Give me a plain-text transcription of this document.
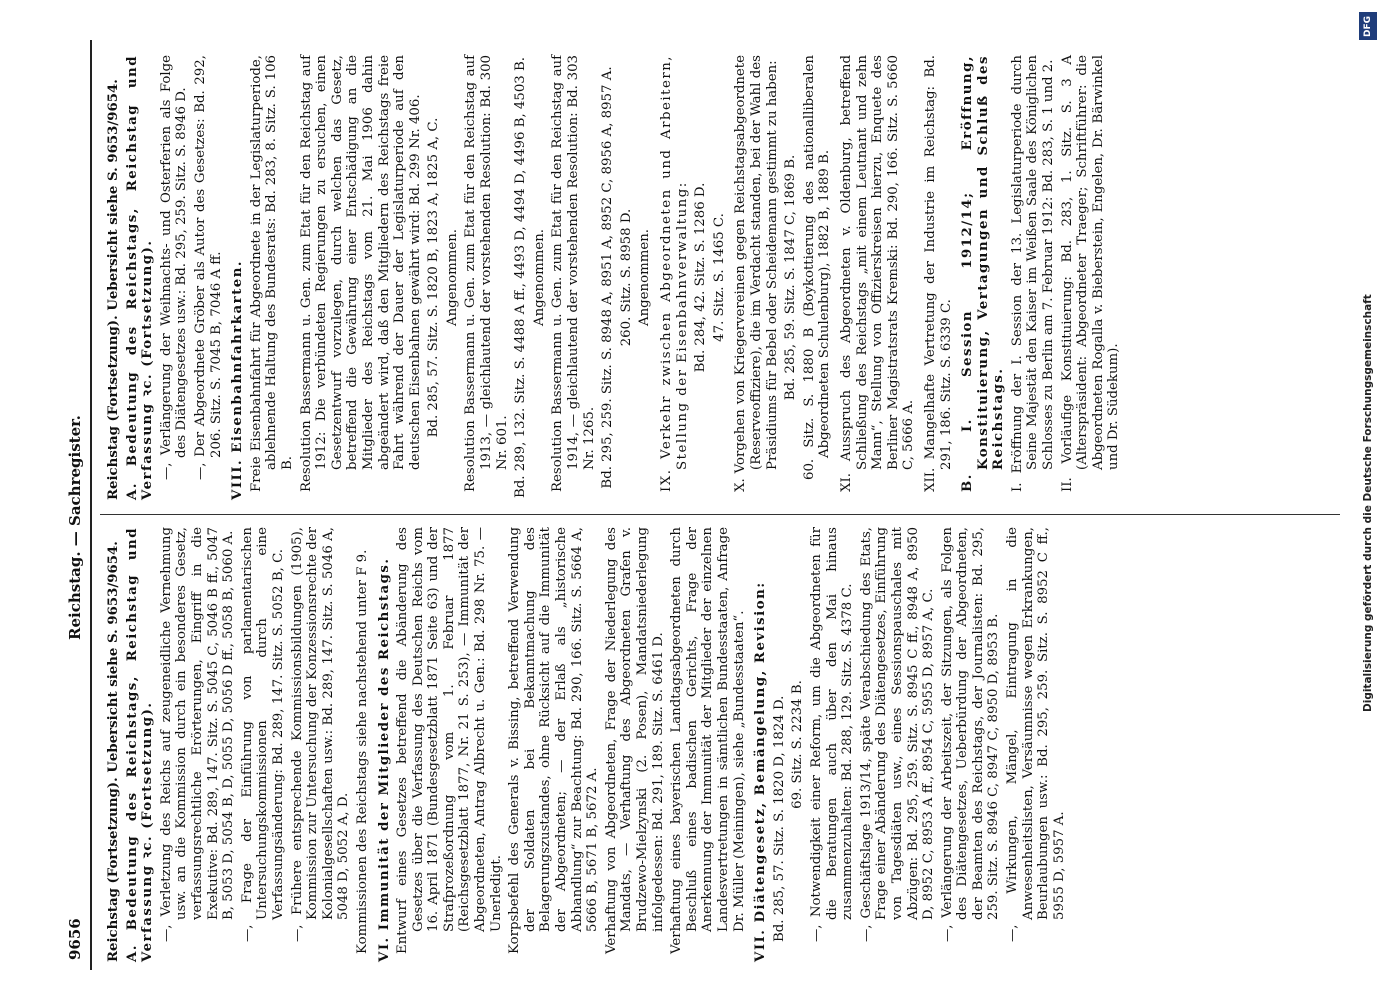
9656
Reichstag. — Sachregister.

Reichstag (Fortsetzung). Uebersicht siehe S. 9653/9654. A. Bedeutung des Reichstags, Reichstag und Verfassung ꝛc. (Fortsetzung). —, Verletzung des Reichs auf zeugeneidliche Vernehmung usw. an die Kommission durch ein besonderes Gesetz, verfassungsrechtliche Erörterungen, Eingriff in die Exekutive: Bd. 289, 147. Sitz. S. 5045 C, 5046 B ff., 5047 B, 5053 D, 5054 B, D, 5055 D, 5056 D ff., 5058 B, 5060 A. —, Frage der Einführung von parlamentarischen Untersuchungskommissionen durch eine Verfassungsänderung: Bd. 289, 147. Sitz. S. 5052 B, C. —, Frühere entsprechende Kommissionsbildungen (1905), Kommission zur Untersuchung der Konzessionsrechte der Kolonialgesellschaften usw.: Bd. 289, 147. Sitz. S. 5046 A, 5048 D, 5052 A, D. Kommissionen des Reichstags siehe nachstehend unter F 9. VI. Immunität der Mitglieder des Reichstags. Entwurf eines Gesetzes betreffend die Abänderung des Gesetzes über die Verfassung des Deutschen Reichs vom 16. April 1871 (Bundesgesetzblatt 1871 Seite 63) und der Strafprozeßordnung vom 1. Februar 1877 (Reichsgesetzblatt 1877, Nr. 21 S. 253), — Immunität der Abgeordneten, Antrag Albrecht u. Gen.: Bd. 298 Nr. 75. — Unerledigt. Korpsbefehl des Generals v. Bissing, betreffend Verwendung der Soldaten bei Bekanntmachung des Belagerungszustandes, ohne Rücksicht auf die Immunität der Abgeordneten; — der Erlaß als „historische Abhandlung“ zur Beachtung: Bd. 290, 166. Sitz. S. 5664 A, 5666 B, 5671 B, 5672 A. Verhaftung von Abgeordneten, Frage der Niederlegung des Mandats, — Verhaftung des Abgeordneten Grafen v. Brudzewo-Mielzynski (2. Posen), Mandatsniederlegung infolgedessen: Bd. 291, 189. Sitz. S. 6461 D. Verhaftung eines bayerischen Landtagsabgeordneten durch Beschluß eines badischen Gerichts, Frage der Anerkennung der Immunität der Mitglieder der einzelnen Landesvertretungen in sämtlichen Bundesstaaten, Anfrage Dr. Müller (Meiningen), siehe „Bundesstaaten“. VII. Diätengesetz, Bemängelung, Revision: Bd. 285, 57. Sitz. S. 1820 D, 1824 D. 69. Sitz. S. 2234 B. —, Notwendigkeit einer Reform, um die Abgeordneten für die Beratungen auch über den Mai hinaus zusammenzuhalten: Bd. 288, 129. Sitz. S. 4378 C. —, Geschäftslage 1913/14, späte Verabschiedung des Etats, Frage einer Abänderung des Diätengesetzes, Einführung von Tagesdiäten usw., eines Sessionspauschales mit Abzügen: Bd. 295, 259. Sitz. S. 8945 C ff., 8948 A, 8950 D, 8952 C, 8953 A ff., 8954 C, 5955 D, 8957 A, C. —, Verlängerung der Arbeitszeit, der Sitzungen, als Folgen des Diätengesetzes, Ueberbürdung der Abgeordneten, der Beamten des Reichstags, der Journalisten: Bd. 295, 259. Sitz. S. 8946 C, 8947 C, 8950 D, 8953 B. —, Wirkungen, Mängel, Eintragung in die Anwesenheitslisten, Versäumnisse wegen Erkrankungen, Beurlaubungen usw.: Bd. 295, 259. Sitz. S. 8952 C ff., 5955 D, 5957 A.

Reichstag (Fortsetzung). Uebersicht siehe S. 9653/9654. A. Bedeutung des Reichstags, Reichstag und Verfassung ꝛc. (Fortsetzung). —, Verlängerung der Weihnachts- und Osterferien als Folge des Diätengesetzes usw.: Bd. 295, 259. Sitz. S. 8946 D. —, Der Abgeordnete Gröber als Autor des Gesetzes: Bd. 292, 206. Sitz. S. 7045 B, 7046 A ff. VIII. Eisenbahnfahrkarten. Freie Eisenbahnfahrt für Abgeordnete in der Legislaturperiode, ablehnende Haltung des Bundesrats: Bd. 283, 8. Sitz. S. 106 B. Resolution Bassermann u. Gen. zum Etat für den Reichstag auf 1912: Die verbündeten Regierungen zu ersuchen, einen Gesetzentwurf vorzulegen, durch welchen das Gesetz, betreffend die Gewährung einer Entschädigung an die Mitglieder des Reichstags vom 21. Mai 1906 dahin abgeändert wird, daß den Mitgliedern des Reichstags freie Fahrt während der Dauer der Legislaturperiode auf den deutschen Eisenbahnen gewährt wird: Bd. 299 Nr. 406. Bd. 285, 57. Sitz. S. 1820 B, 1823 A, 1825 A, C. Angenommen. Resolution Bassermann u. Gen. zum Etat für den Reichstag auf 1913, — gleichlautend der vorstehenden Resolution: Bd. 300 Nr. 601. Bd. 289, 132. Sitz. S. 4488 A ff., 4493 D, 4494 D, 4496 B, 4503 B. Angenommen. Resolution Bassermann u. Gen. zum Etat für den Reichstag auf 1914, — gleichlautend der vorstehenden Resolution: Bd. 303 Nr. 1265. Bd. 295, 259. Sitz. S. 8948 A, 8951 A, 8952 C, 8956 A, 8957 A. 260. Sitz. S. 8958 D. Angenommen. IX. Verkehr zwischen Abgeordneten und Arbeitern, Stellung der Eisenbahnverwaltung: Bd. 284, 42. Sitz. S. 1286 D. 47. Sitz. S. 1465 C. X. Vorgehen von Kriegervereinen gegen Reichstagsabgeordnete (Reserveoffiziere), die im Verdacht standen, bei der Wahl des Präsidiums für Bebel oder Scheidemann gestimmt zu haben: Bd. 285, 59. Sitz. S. 1847 C, 1869 B. 60. Sitz. S. 1880 B (Boykottierung des nationalliberalen Abgeordneten Schulenburg), 1882 B, 1889 B. XI. Ausspruch des Abgeordneten v. Oldenburg, betreffend Schließung des Reichstags „mit einem Leutnant und zehn Mann“, Stellung von Offizierskreisen hierzu, Enquete des Berliner Magistratsrats Kremski: Bd. 290, 166. Sitz. S. 5660 C, 5666 A. XII. Mangelhafte Vertretung der Industrie im Reichstag: Bd. 291, 186. Sitz. S. 6339 C. B. I. Session 1912/14; Eröffnung, Konstituierung, Vertagungen und Schluß des Reichstags. I. Eröffnung der I. Session der 13. Legislaturperiode durch Seine Majestät den Kaiser im Weißen Saale des Königlichen Schlosses zu Berlin am 7. Februar 1912: Bd. 283, S. 1 und 2. II. Vorläufige Konstituierung: Bd. 283, 1. Sitz. S. 3 A (Alterspräsident: Abgeordneter Traeger; Schriftführer: die Abgeordneten Rogalla v. Bieberstein, Engelen, Dr. Bärwinkel und Dr. Südekum).

DFG
Digitalisierung gefördert durch die Deutsche Forschungsgemeinschaft
